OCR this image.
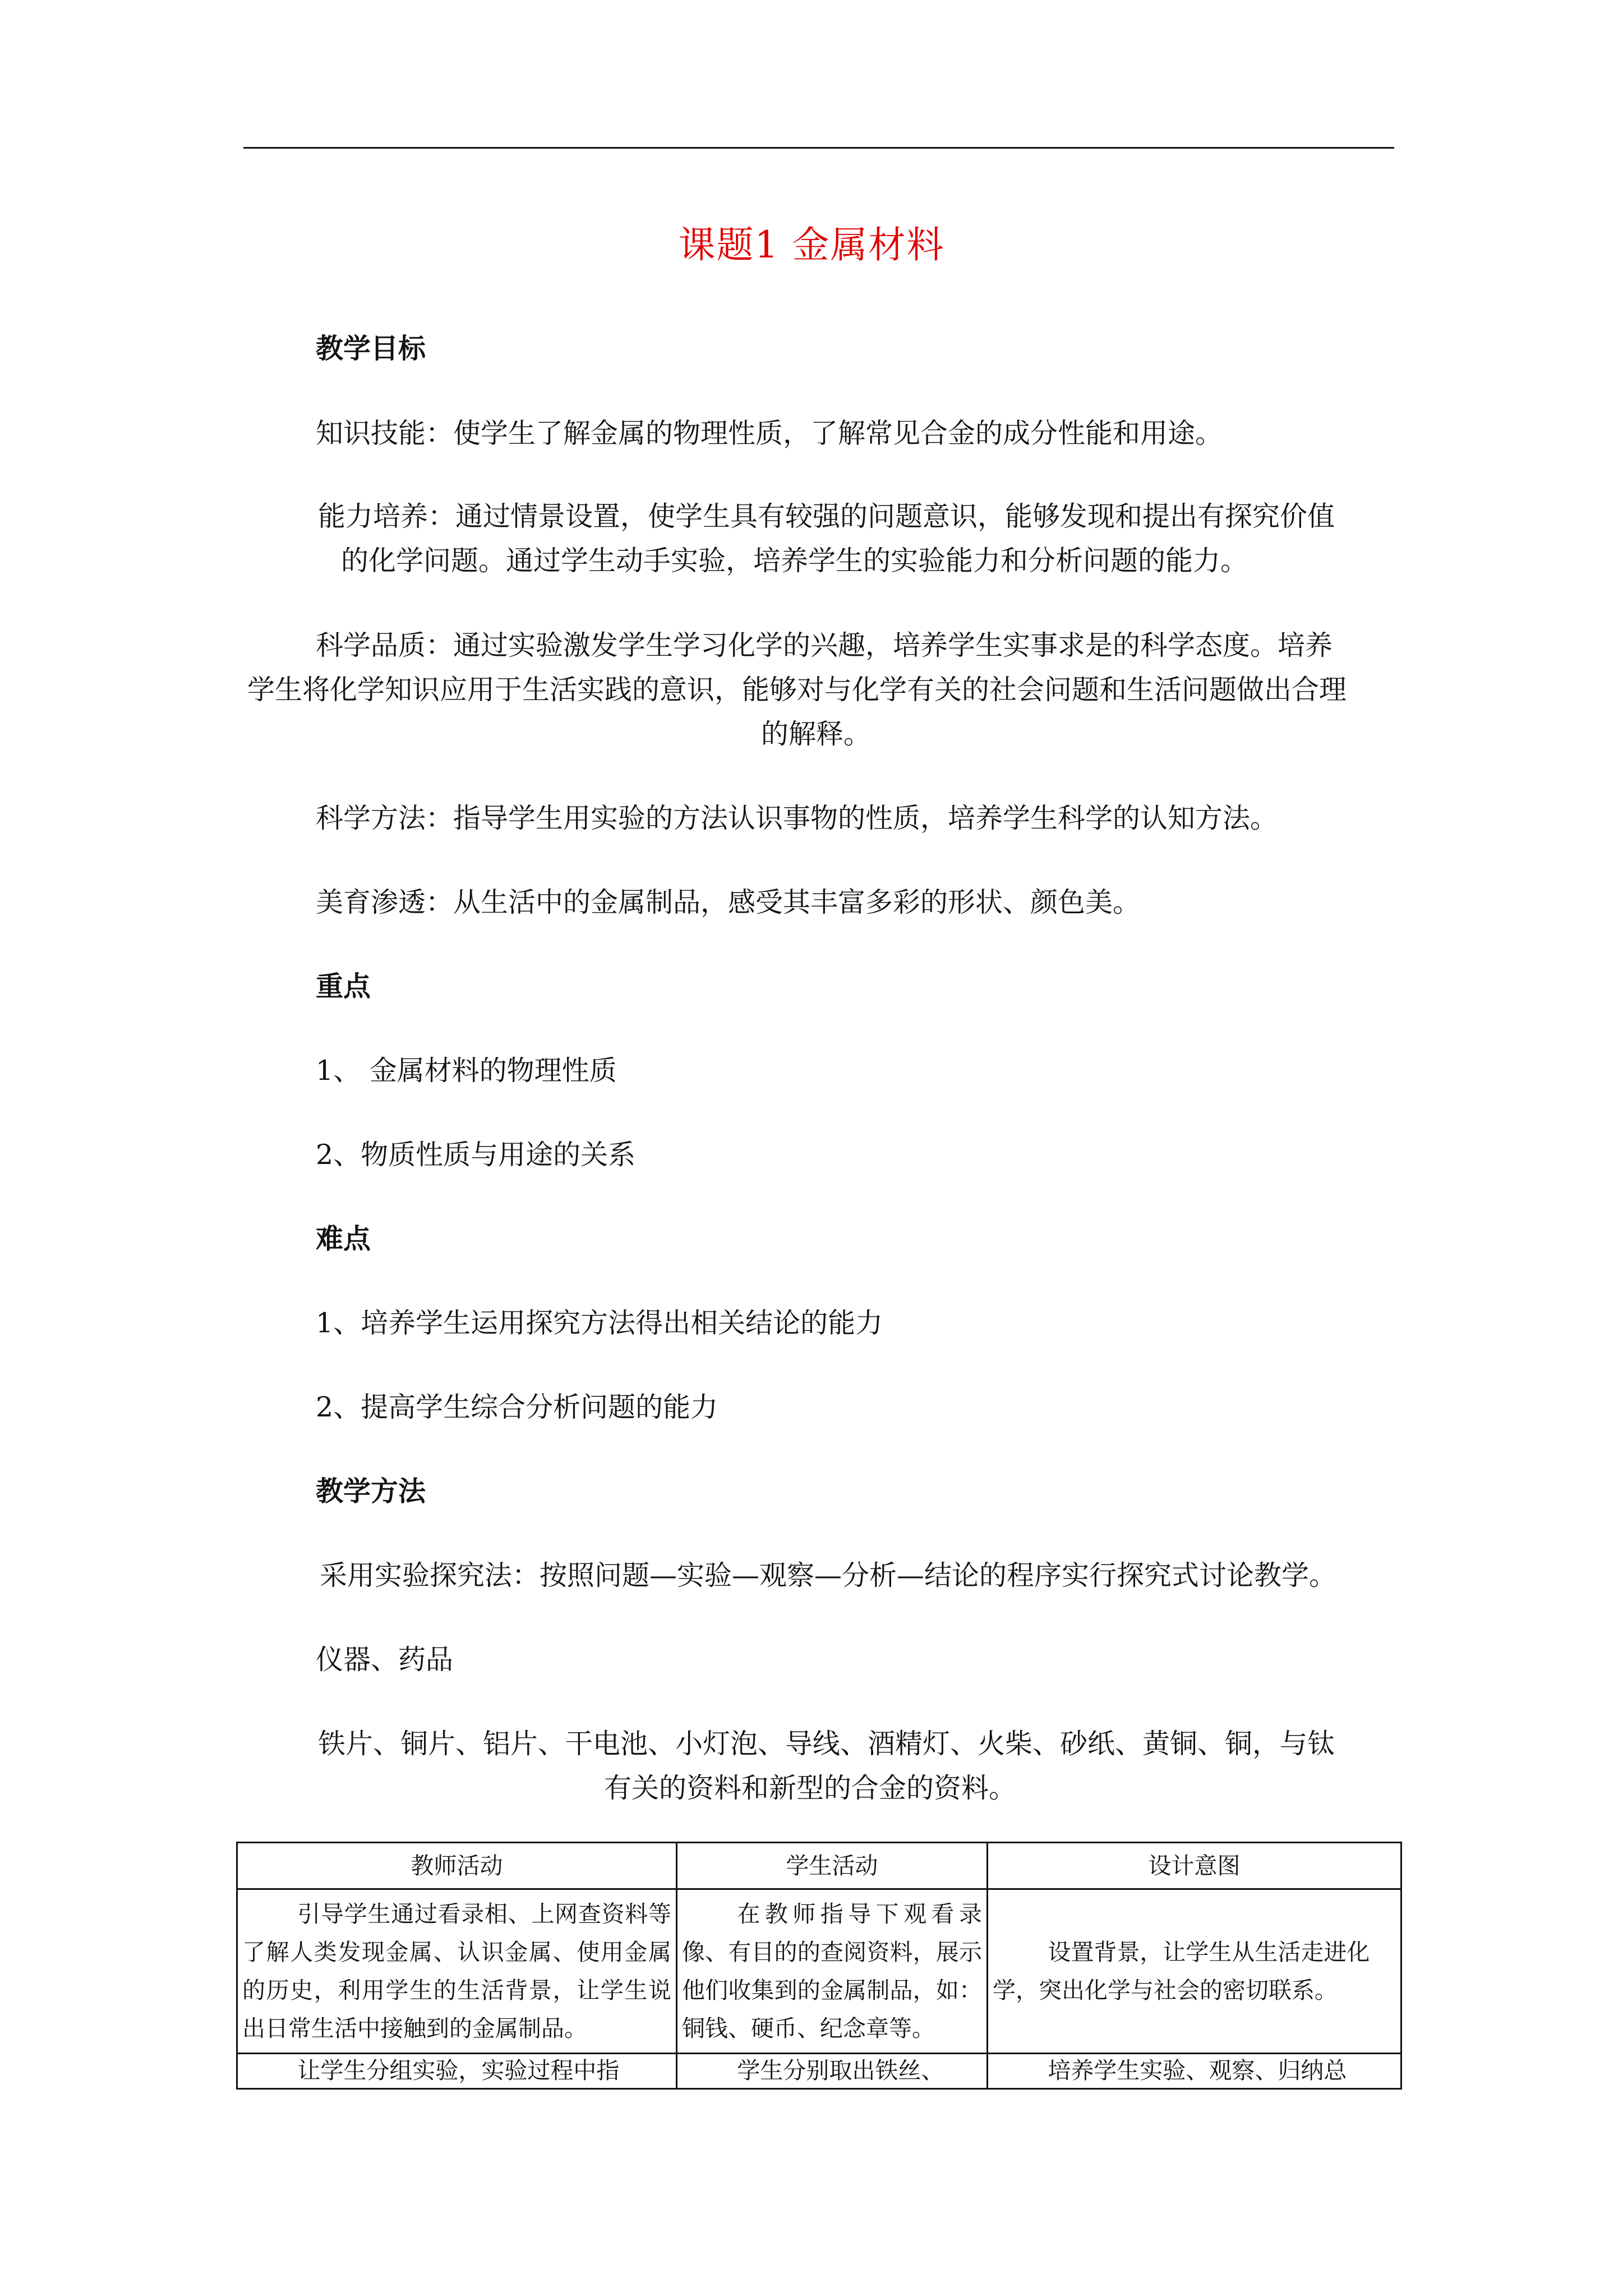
课题1 金属材料
教学目标
知识技能：使学生了解金属的物理性质，了解常见合金的成分性能和用途。
能力培养：通过情景设置，使学生具有较强的问题意识，能够发现和提出有探究价值
的化学问题。通过学生动手实验，培养学生的实验能力和分析问题的能力。
科学品质：通过实验激发学生学习化学的兴趣，培养学生实事求是的科学态度。培养
学生将化学知识应用于生活实践的意识，能够对与化学有关的社会问题和生活问题做出合理
的解释。
科学方法：指导学生用实验的方法认识事物的性质，培养学生科学的认知方法。
美育渗透：从生活中的金属制品，感受其丰富多彩的形状、颜色美。
重点
1、 金属材料的物理性质
2、物质性质与用途的关系
难点
1、培养学生运用探究方法得出相关结论的能力
2、提高学生综合分析问题的能力
教学方法
采用实验探究法：按照问题—实验—观察—分析—结论的程序实行探究式讨论教学。
仪器、药品
铁片、铜片、铝片、干电池、小灯泡、导线、酒精灯、火柴、砂纸、黄铜、铜，与钛
有关的资料和新型的合金的资料。
教师活动	学生活动	设计意图
引导学生通过看录相、上网查资料等了解人类发现金属、认识金属、使用金属的历史，利用学生的生活背景，让学生说出日常生活中接触到的金属制品。	在教师指导下观看录像、有目的的查阅资料，展示他们收集到的金属制品，如：铜钱、硬币、纪念章等。	设置背景，让学生从生活走进化学，突出化学与社会的密切联系。
让学生分组实验，实验过程中指	学生分别取出铁丝、	培养学生实验、观察、归纳总
